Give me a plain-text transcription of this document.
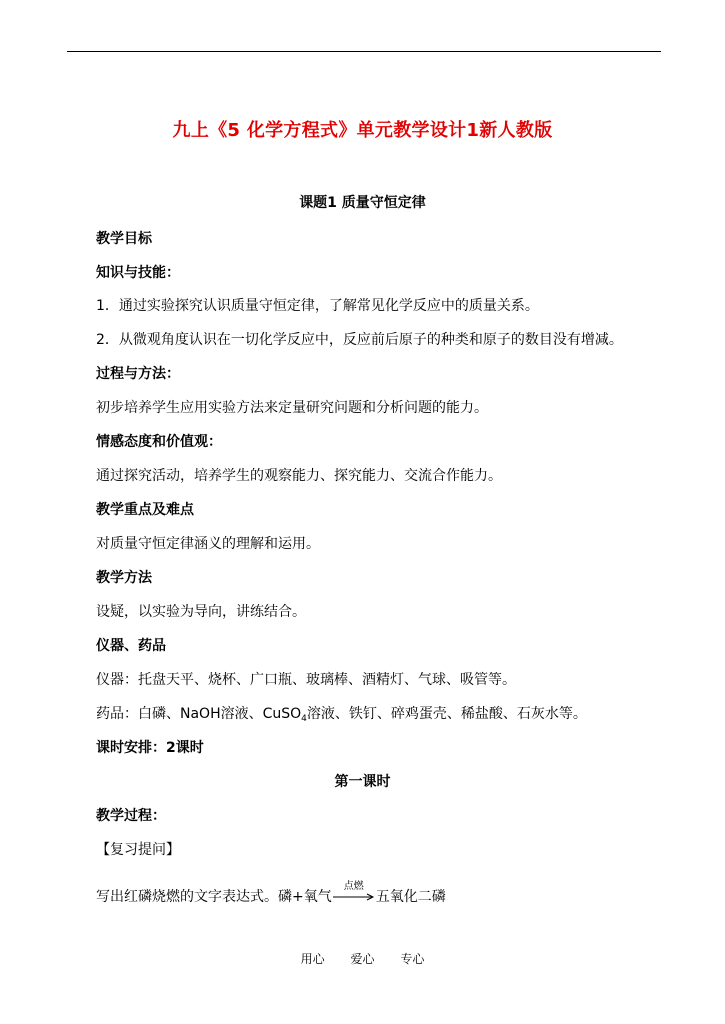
九上《5 化学方程式》单元教学设计1新人教版
课题1 质量守恒定律
教学目标
知识与技能：
1．通过实验探究认识质量守恒定律，了解常见化学反应中的质量关系。
2．从微观角度认识在一切化学反应中，反应前后原子的种类和原子的数目没有增减。
过程与方法：
初步培养学生应用实验方法来定量研究问题和分析问题的能力。
情感态度和价值观：
通过探究活动，培养学生的观察能力、探究能力、交流合作能力。
教学重点及难点
对质量守恒定律涵义的理解和运用。
教学方法
设疑，以实验为导向，讲练结合。
仪器、药品
仪器：托盘天平、烧杯、广口瓶、玻璃棒、酒精灯、气球、吸管等。
药品：白磷、NaOH溶液、CuSO$_4$溶液、铁钉、碎鸡蛋壳、稀盐酸、石灰水等。
课时安排：2课时
第一课时
教学过程：
【复习提问】
写出红磷烧燃的文字表达式。磷+氧气
点燃
五氧化二磷
用心 爱心 专心
